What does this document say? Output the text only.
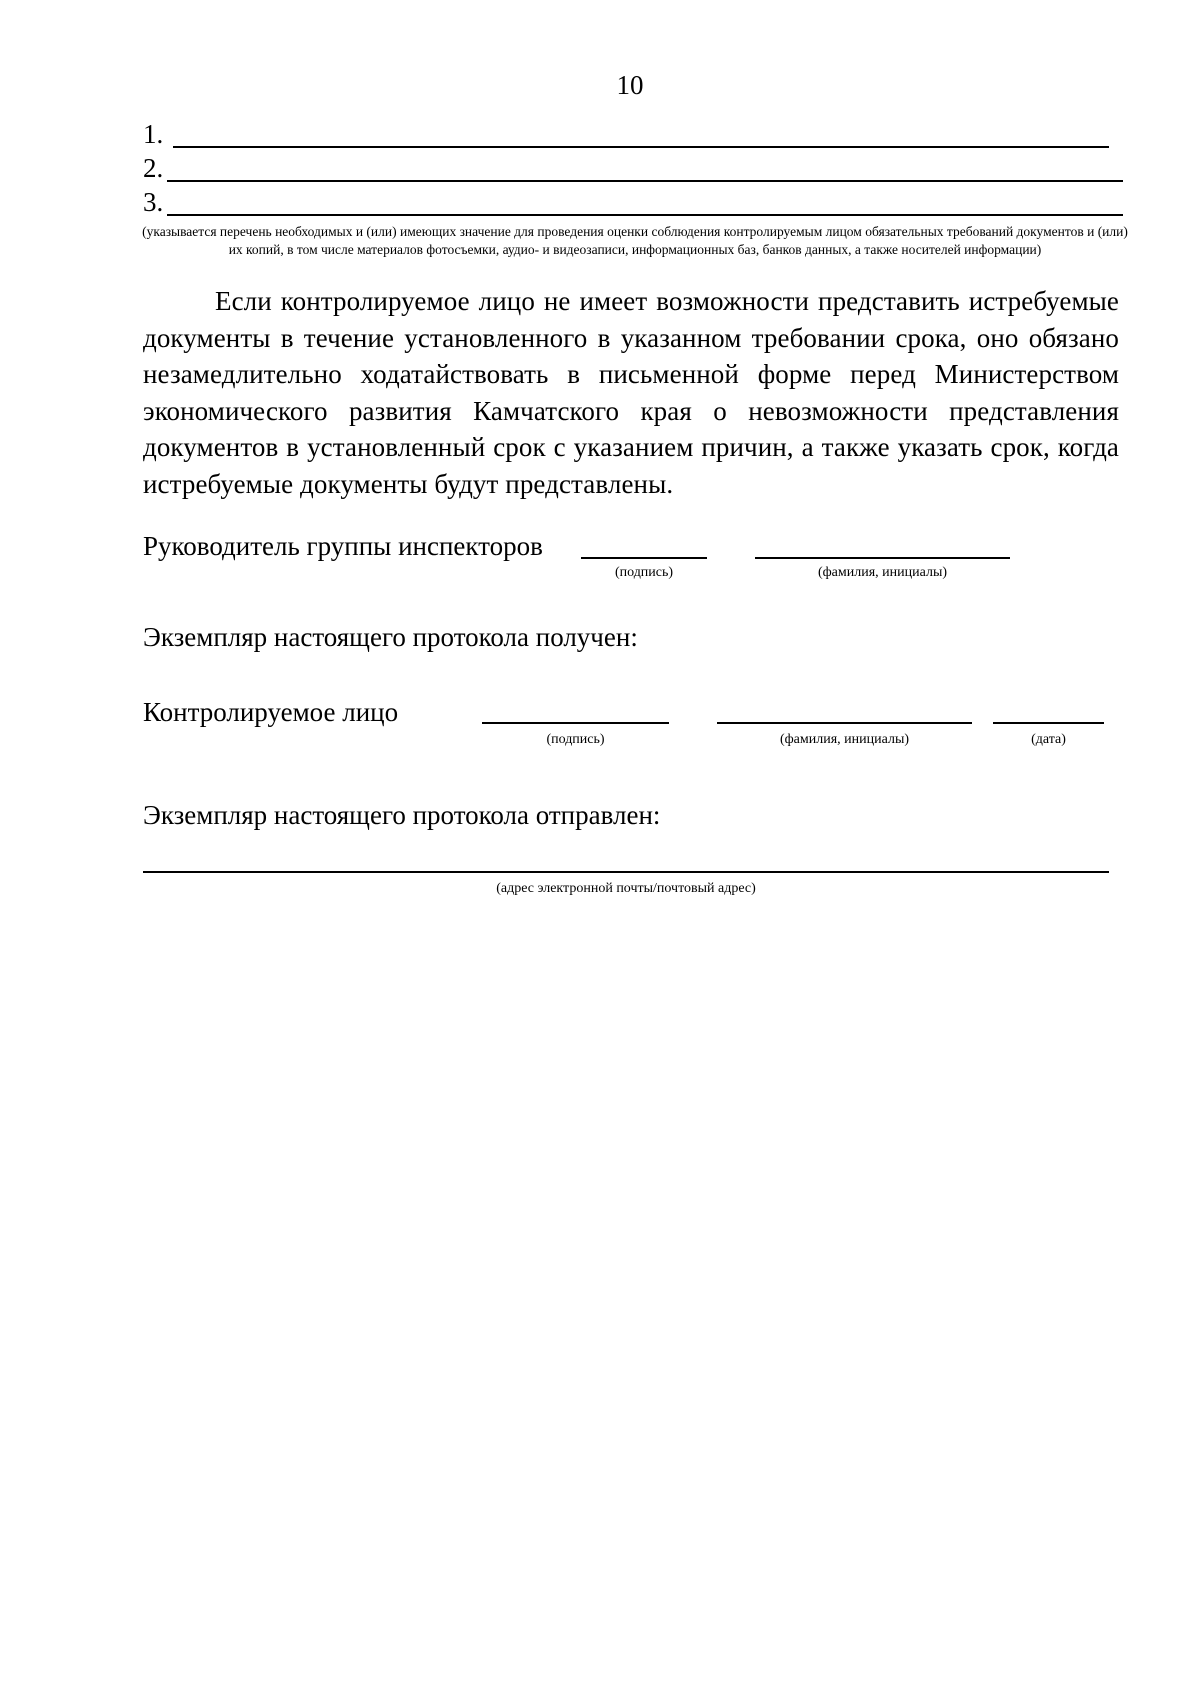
10
1.
2.
3.
(указывается перечень необходимых и (или) имеющих значение для проведения оценки соблюдения контролируемым лицом обязательных требований документов и (или) их копий, в том числе материалов фотосъемки, аудио- и видеозаписи, информационных баз, банков данных, а также носителей информации)
Если контролируемое лицо не имеет возможности представить истребуемые документы в течение установленного в указанном требовании срока, оно обязано незамедлительно ходатайствовать в письменной форме перед Министерством экономического развития Камчатского края о невозможности представления документов в установленный срок с указанием причин, а также указать срок, когда истребуемые документы будут представлены.
Руководитель группы инспекторов
(подпись)	(фамилия, инициалы)
Экземпляр настоящего протокола получен:
Контролируемое лицо
(подпись)	(фамилия, инициалы)	(дата)
Экземпляр настоящего протокола отправлен:
(адрес электронной почты/почтовый адрес)
